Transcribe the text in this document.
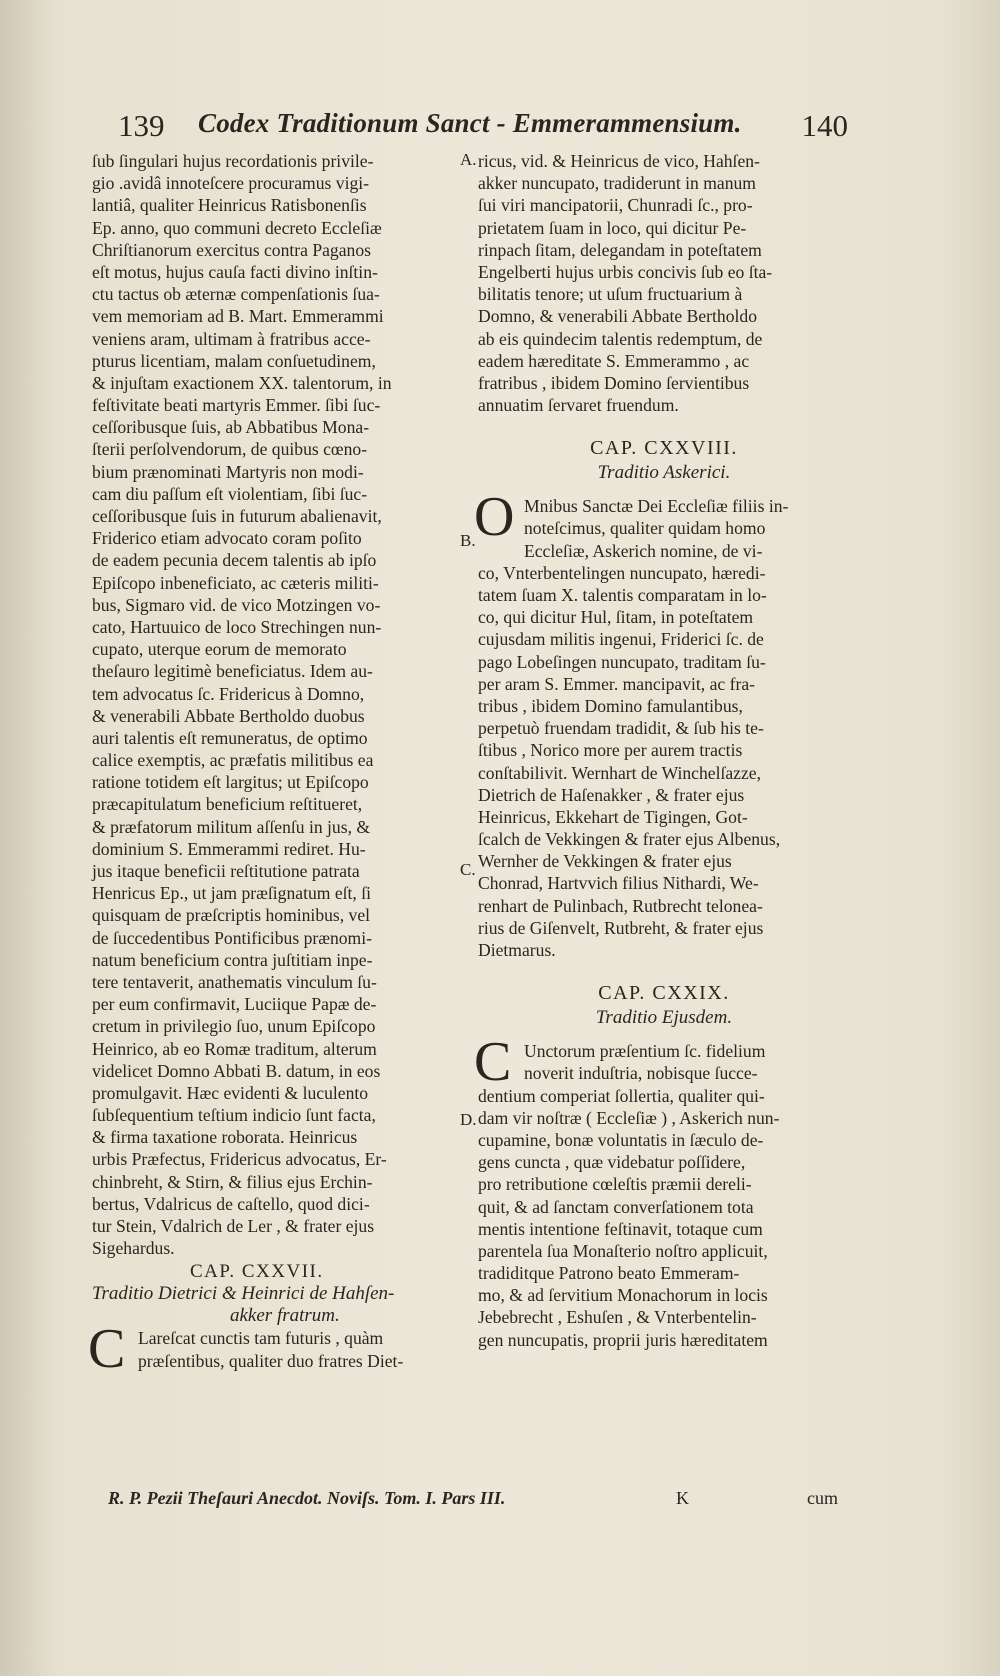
139 Codex Traditionum Sanct - Emmerammensium. 140
ſub ſingulari hujus recordationis privile-
gio .avidâ innoteſcere procuramus vigi-
lantiâ, qualiter Heinricus Ratisbonenſis
Ep. anno, quo communi decreto Eccleſiæ
Chriſtianorum exercitus contra Paganos
eſt motus, hujus cauſa facti divino inſtin-
ctu tactus ob æternæ compenſationis ſua-
vem memoriam ad B. Mart. Emmerammi
veniens aram, ultimam à fratribus acce-
pturus licentiam, malam conſuetudinem,
& injuſtam exactionem XX. talentorum, in
feſtivitate beati martyris Emmer. ſibi ſuc-
ceſſoribusque ſuis, ab Abbatibus Mona-
ſterii perſolvendorum, de quibus cœno-
bium prænominati Martyris non modi-
cam diu paſſum eſt violentiam, ſibi ſuc-
ceſſoribusque ſuis in futurum abalienavit,
Friderico etiam advocato coram poſito
de eadem pecunia decem talentis ab ipſo
Epiſcopo inbeneficiato, ac cæteris militi-
bus, Sigmaro vid. de vico Motzingen vo-
cato, Hartuuico de loco Strechingen nun-
cupato, uterque eorum de memorato
theſauro legitimè beneficiatus. Idem au-
tem advocatus ſc. Fridericus à Domno,
& venerabili Abbate Bertholdo duobus
auri talentis eſt remuneratus, de optimo
calice exemptis, ac præfatis militibus ea
ratione totidem eſt largitus; ut Epiſcopo
præcapitulatum beneficium reſtitueret,
& præfatorum militum aſſenſu in jus, &
dominium S. Emmerammi rediret. Hu-
jus itaque beneficii reſtitutione patrata
Henricus Ep., ut jam præſignatum eſt, ſi
quisquam de præſcriptis hominibus, vel
de ſuccedentibus Pontificibus prænomi-
natum beneficium contra juſtitiam inpe-
tere tentaverit, anathematis vinculum ſu-
per eum confirmavit, Luciique Papæ de-
cretum in privilegio ſuo, unum Epiſcopo
Heinrico, ab eo Romæ traditum, alterum
videlicet Domno Abbati B. datum, in eos
promulgavit. Hæc evidenti & luculento
ſubſequentium teſtium indicio ſunt facta,
& firma taxatione roborata. Heinricus
urbis Præfectus, Fridericus advocatus, Er-
chinbreht, & Stirn, & filius ejus Erchin-
bertus, Vdalricus de caſtello, quod dici-
tur Stein, Vdalrich de Ler , & frater ejus
Sigehardus.
CAP. CXXVII.
Traditio Dietrici & Heinrici de Hahſen-
akker fratrum.
C Lareſcat cunctis tam futuris , quàm
præſentibus, qualiter duo fratres Diet-
ricus, vid. & Heinricus de vico, Hahſen-
akker nuncupato, tradiderunt in manum
ſui viri mancipatorii, Chunradi ſc., pro-
prietatem ſuam in loco, qui dicitur Pe-
rinpach ſitam, delegandam in poteſtatem
Engelberti hujus urbis concivis ſub eo ſta-
bilitatis tenore; ut uſum fructuarium à
Domno, & venerabili Abbate Bertholdo
ab eis quindecim talentis redemptum, de
eadem hæreditate S. Emmerammo , ac
fratribus , ibidem Domino ſervientibus
annuatim ſervaret fruendum.
CAP. CXXVIII.
Traditio Askerici.
O Mnibus Sanctæ Dei Eccleſiæ filiis in-
noteſcimus, qualiter quidam homo
Eccleſiæ, Askerich nomine, de vi-
co, Vnterbentelingen nuncupato, hæredi-
tatem ſuam X. talentis comparatam in lo-
co, qui dicitur Hul, ſitam, in poteſtatem
cujusdam militis ingenui, Friderici ſc. de
pago Lobeſingen nuncupato, traditam ſu-
per aram S. Emmer. mancipavit, ac fra-
tribus , ibidem Domino famulantibus,
perpetuò fruendam tradidit, & ſub his te-
ſtibus , Norico more per aurem tractis
conſtabilivit. Wernhart de Winchelſazze,
Dietrich de Haſenakker , & frater ejus
Heinricus, Ekkehart de Tigingen, Got-
ſcalch de Vekkingen & frater ejus Albenus,
Wernher de Vekkingen & frater ejus
Chonrad, Hartvvich filius Nithardi, We-
renhart de Pulinbach, Rutbrecht telonea-
rius de Giſenvelt, Rutbreht, & frater ejus
Dietmarus.
CAP. CXXIX.
Traditio Ejusdem.
C Unctorum præſentium ſc. fidelium
noverit induſtria, nobisque ſucce-
dentium comperiat ſollertia, qualiter qui-
dam vir noſtræ ( Eccleſiæ ) , Askerich nun-
cupamine, bonæ voluntatis in ſæculo de-
gens cuncta , quæ videbatur poſſidere,
pro retributione cœleſtis præmii dereli-
quit, & ad ſanctam converſationem tota
mentis intentione feſtinavit, totaque cum
parentela ſua Monaſterio noſtro applicuit,
tradiditque Patrono beato Emmeram-
mo, & ad ſervitium Monachorum in locis
Jebebrecht , Eshuſen , & Vnterbentelin-
gen nuncupatis, proprii juris hæreditatem
A.
B.
C.
D.
R. P. Pezii Theſauri Anecdot. Noviſs. Tom. I. Pars III.	K	cum
